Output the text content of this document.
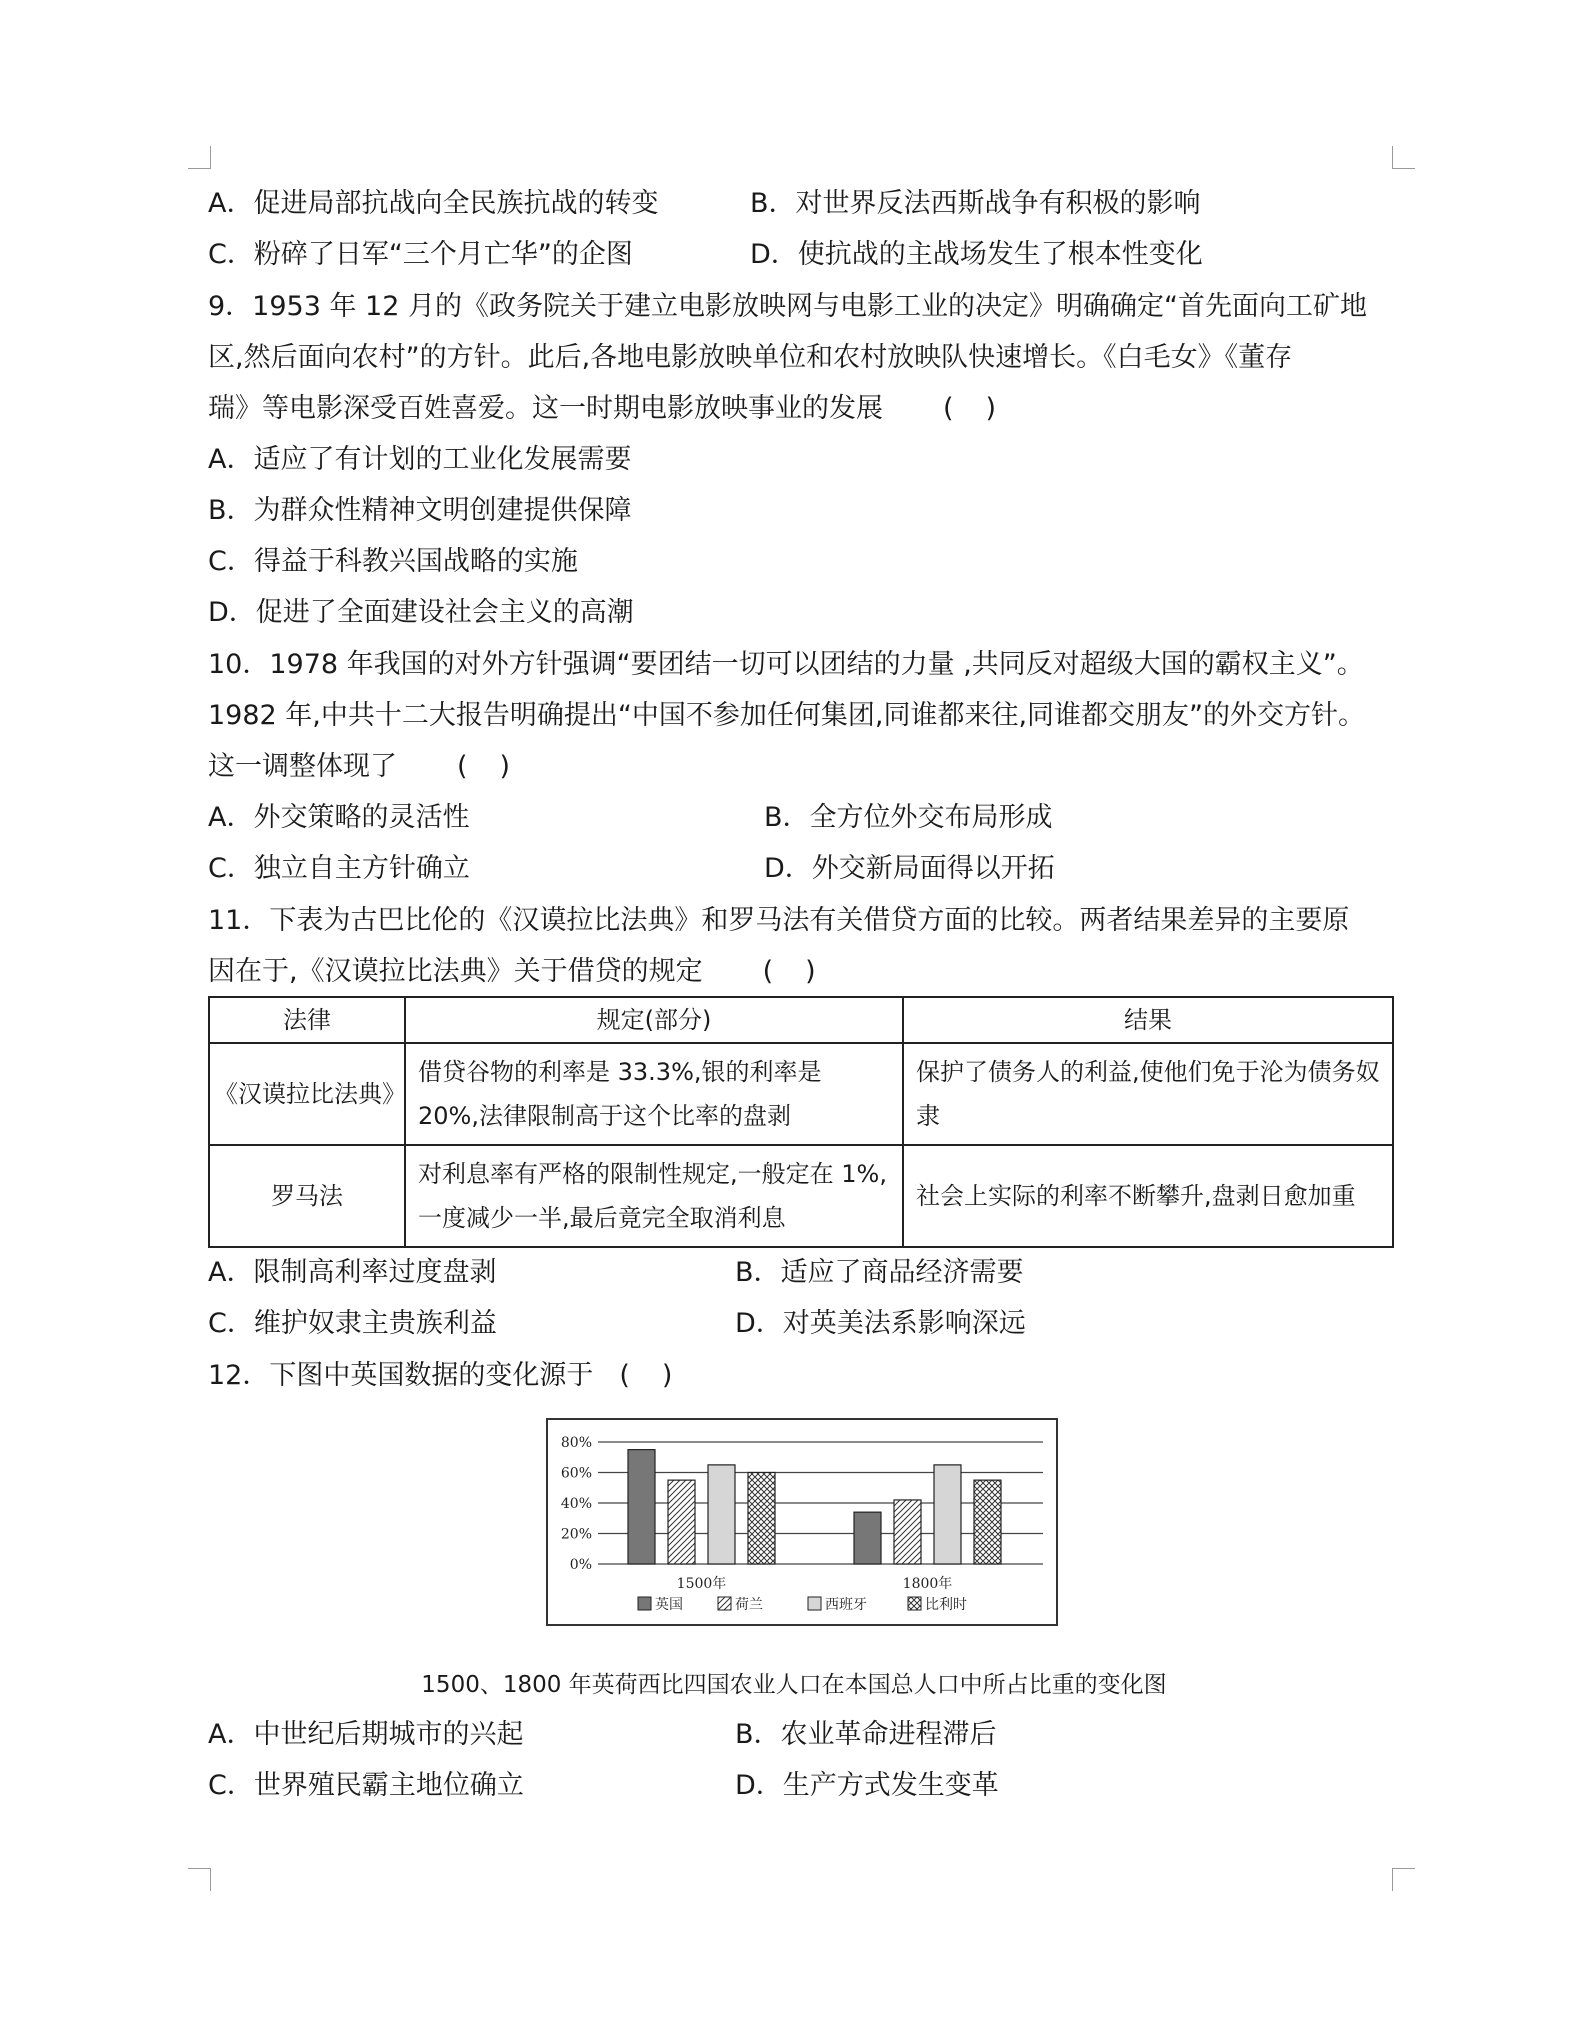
A．促进局部抗战向全民族抗战的转变	B．对世界反法西斯战争有积极的影响
C．粉碎了日军“三个月亡华”的企图	D．使抗战的主战场发生了根本性变化
9．1953 年 12 月的《政务院关于建立电影放映网与电影工业的决定》明确确定“首先面向工矿地
区,然后面向农村”的方针。此后,各地电影放映单位和农村放映队快速增长。《白毛女》《董存
瑞》等电影深受百姓喜爱。这一时期电影放映事业的发展 ()
A．适应了有计划的工业化发展需要
B．为群众性精神文明创建提供保障
C．得益于科教兴国战略的实施
D．促进了全面建设社会主义的高潮
10．1978 年我国的对外方针强调“要团结一切可以团结的力量 ,共同反对超级大国的霸权主义”。
1982 年,中共十二大报告明确提出“中国不参加任何集团,同谁都来往,同谁都交朋友”的外交方针。
这一调整体现了 ()
A．外交策略的灵活性	B．全方位外交布局形成
C．独立自主方针确立	D．外交新局面得以开拓
11．下表为古巴比伦的《汉谟拉比法典》和罗马法有关借贷方面的比较。两者结果差异的主要原
因在于,《汉谟拉比法典》关于借贷的规定 ()
法律	规定(部分)	结果
《汉谟拉比法典》	借贷谷物的利率是 33.3%,银的利率是 20%,法律限制高于这个比率的盘剥	保护了债务人的利益,使他们免于沦为债务奴隶
罗马法	对利息率有严格的限制性规定,一般定在 1%,一度减少一半,最后竟完全取消利息	社会上实际的利率不断攀升,盘剥日愈加重
A．限制高利率过度盘剥	B．适应了商品经济需要
C．维护奴隶主贵族利益	D．对英美法系影响深远
12．下图中英国数据的变化源于 ()
0%
20%
40%
60%
80%
1500年	1800年
英国	荷兰	西班牙	比利时
1500、1800 年英荷西比四国农业人口在本国总人口中所占比重的变化图
A．中世纪后期城市的兴起	B．农业革命进程滞后
C．世界殖民霸主地位确立	D．生产方式发生变革
